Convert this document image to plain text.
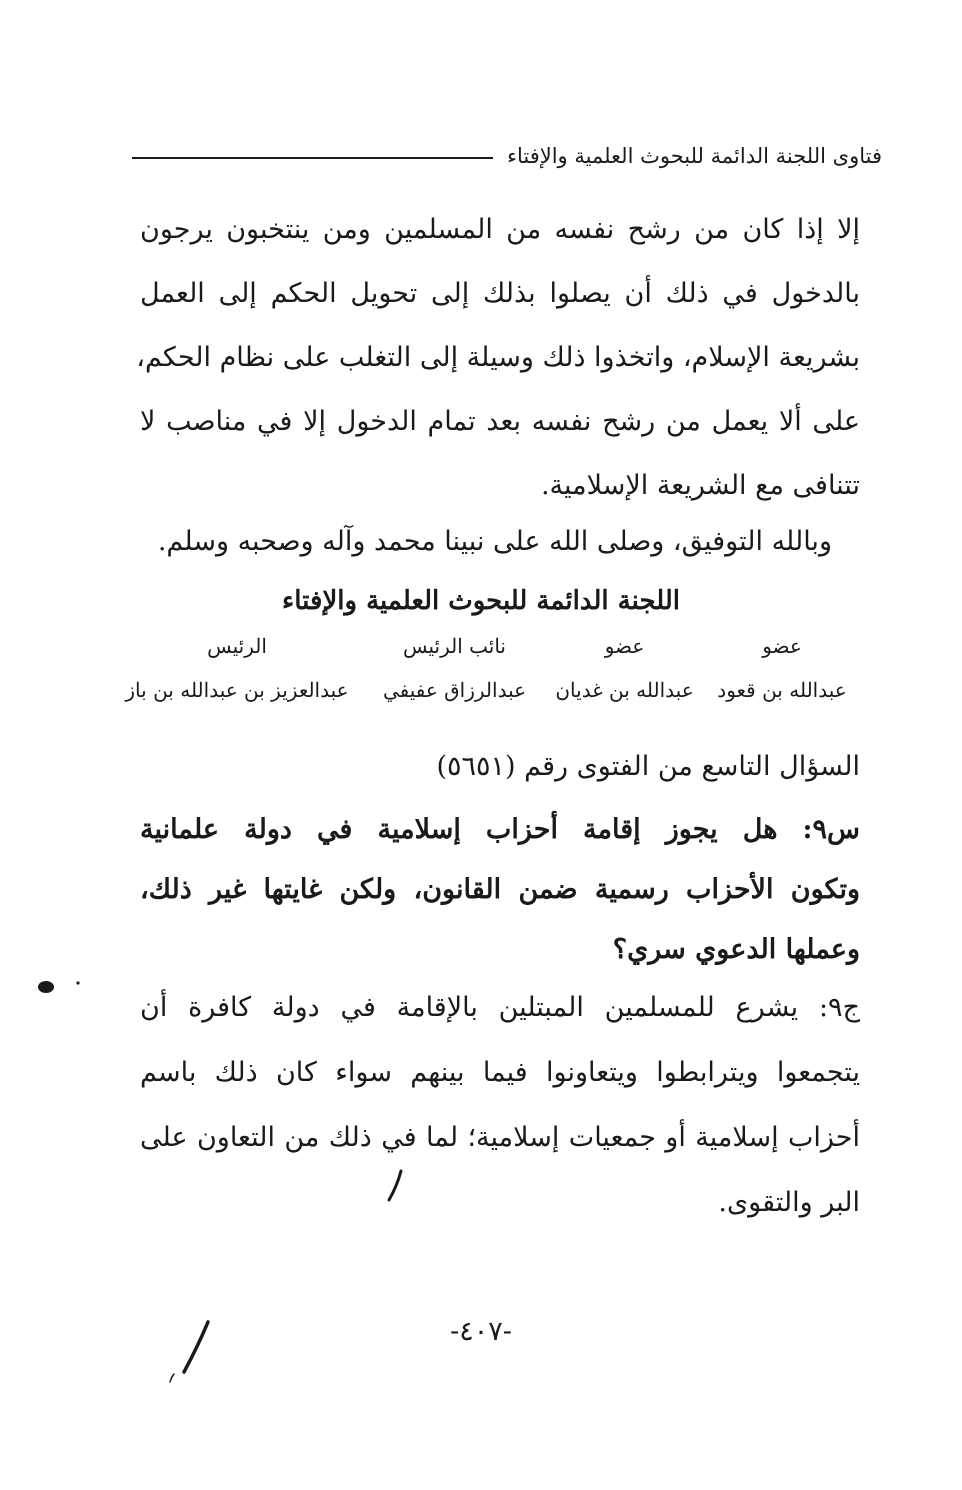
فتاوى اللجنة الدائمة للبحوث العلمية والإفتاء
إلا إذا كان من رشح نفسه من المسلمين ومن ينتخبون يرجون
بالدخول في ذلك أن يصلوا بذلك إلى تحويل الحكم إلى العمل
بشريعة الإسلام، واتخذوا ذلك وسيلة إلى التغلب على نظام الحكم،
على ألا يعمل من رشح نفسه بعد تمام الدخول إلا في مناصب لا
تتنافى مع الشريعة الإسلامية.
وبالله التوفيق، وصلى الله على نبينا محمد وآله وصحبه وسلم.
اللجنة الدائمة للبحوث العلمية والإفتاء
عضو
عضو
نائب الرئيس
الرئيس
عبدالله بن قعود
عبدالله بن غديان
عبدالرزاق عفيفي
عبدالعزيز بن عبدالله بن باز
السؤال التاسع من الفتوى رقم (٥٦٥١)
س٩: هل يجوز إقامة أحزاب إسلامية في دولة علمانية
وتكون الأحزاب رسمية ضمن القانون، ولكن غايتها غير ذلك،
وعملها الدعوي سري؟
ج٩: يشرع للمسلمين المبتلين بالإقامة في دولة كافرة أن
يتجمعوا ويترابطوا ويتعاونوا فيما بينهم سواء كان ذلك باسم
أحزاب إسلامية أو جمعيات إسلامية؛ لما في ذلك من التعاون على
البر والتقوى.
-٤٠٧-
